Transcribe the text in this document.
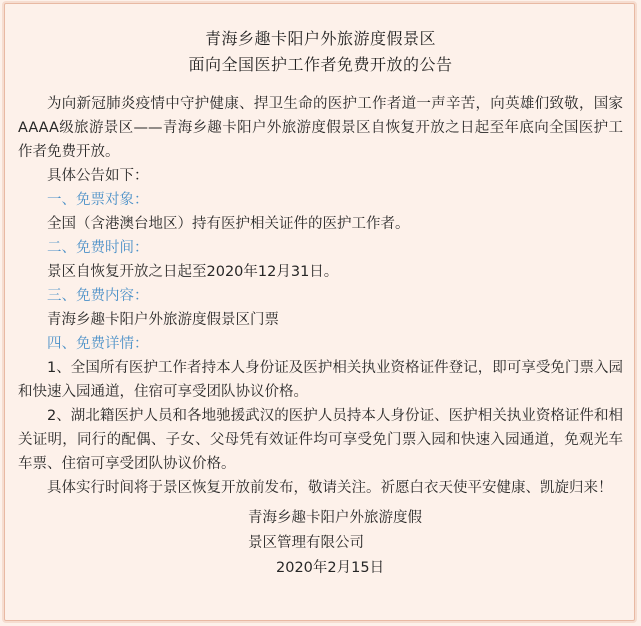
青海乡趣卡阳户外旅游度假景区
面向全国医护工作者免费开放的公告

为向新冠肺炎疫情中守护健康、捍卫生命的医护工作者道一声辛苦，向英雄们致敬，国家AAAA级旅游景区——青海乡趣卡阳户外旅游度假景区自恢复开放之日起至年底向全国医护工作者免费开放。

具体公告如下：

一、免票对象：

全国（含港澳台地区）持有医护相关证件的医护工作者。

二、免费时间：

景区自恢复开放之日起至2020年12月31日。

三、免费内容：

青海乡趣卡阳户外旅游度假景区门票

四、免费详情：

1、全国所有医护工作者持本人身份证及医护相关执业资格证件登记，即可享受免门票入园和快速入园通道，住宿可享受团队协议价格。

2、湖北籍医护人员和各地驰援武汉的医护人员持本人身份证、医护相关执业资格证件和相关证明，同行的配偶、子女、父母凭有效证件均可享受免门票入园和快速入园通道，免观光车车票、住宿可享受团队协议价格。

具体实行时间将于景区恢复开放前发布，敬请关注。祈愿白衣天使平安健康、凯旋归来！

青海乡趣卡阳户外旅游度假

景区管理有限公司

2020年2月15日
